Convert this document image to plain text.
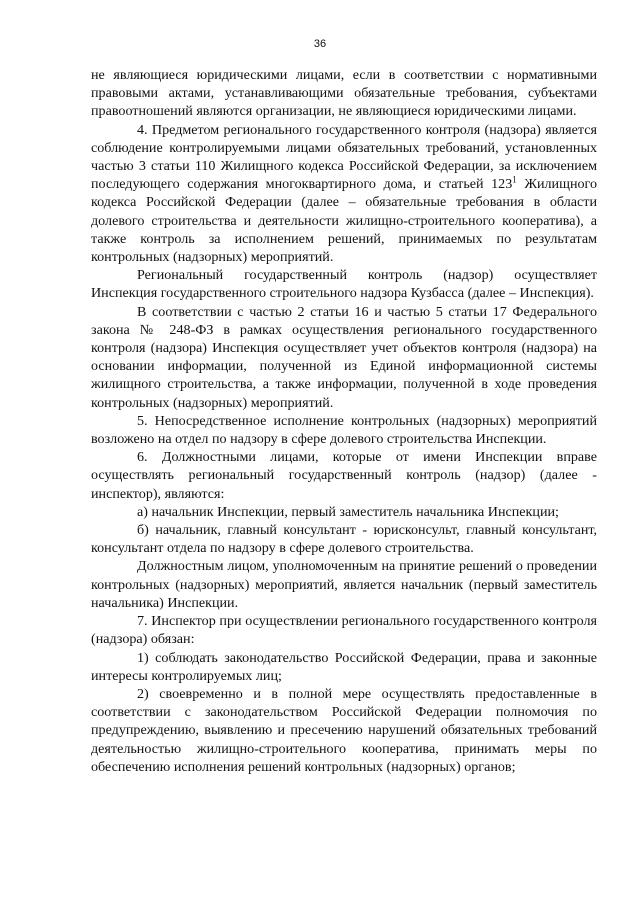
36

не являющиеся юридическими лицами, если в соответствии с нормативными правовыми актами, устанавливающими обязательные требования, субъектами правоотношений являются организации, не являющиеся юридическими лицами.

4. Предметом регионального государственного контроля (надзора) является соблюдение контролируемыми лицами обязательных требований, установленных частью 3 статьи 110 Жилищного кодекса Российской Федерации, за исключением последующего содержания многоквартирного дома, и статьей $123^1$ Жилищного кодекса Российской Федерации (далее – обязательные требования в области долевого строительства и деятельности жилищно-строительного кооператива), а также контроль за исполнением решений, принимаемых по результатам контрольных (надзорных) мероприятий.

Региональный государственный контроль (надзор) осуществляет Инспекция государственного строительного надзора Кузбасса (далее – Инспекция).

В соответствии с частью 2 статьи 16 и частью 5 статьи 17 Федерального закона № 248-ФЗ в рамках осуществления регионального государственного контроля (надзора) Инспекция осуществляет учет объектов контроля (надзора) на основании информации, полученной из Единой информационной системы жилищного строительства, а также информации, полученной в ходе проведения контрольных (надзорных) мероприятий.

5. Непосредственное исполнение контрольных (надзорных) мероприятий возложено на отдел по надзору в сфере долевого строительства Инспекции.

6. Должностными лицами, которые от имени Инспекции вправе осуществлять региональный государственный контроль (надзор) (далее - инспектор), являются:

а) начальник Инспекции, первый заместитель начальника Инспекции;

б) начальник, главный консультант - юрисконсульт, главный консультант, консультант отдела по надзору в сфере долевого строительства.

Должностным лицом, уполномоченным на принятие решений о проведении контрольных (надзорных) мероприятий, является начальник (первый заместитель начальника) Инспекции.

7. Инспектор при осуществлении регионального государственного контроля (надзора) обязан:

1) соблюдать законодательство Российской Федерации, права и законные интересы контролируемых лиц;

2) своевременно и в полной мере осуществлять предоставленные в соответствии с законодательством Российской Федерации полномочия по предупреждению, выявлению и пресечению нарушений обязательных требований деятельностью жилищно-строительного кооператива, принимать меры по обеспечению исполнения решений контрольных (надзорных) органов;
